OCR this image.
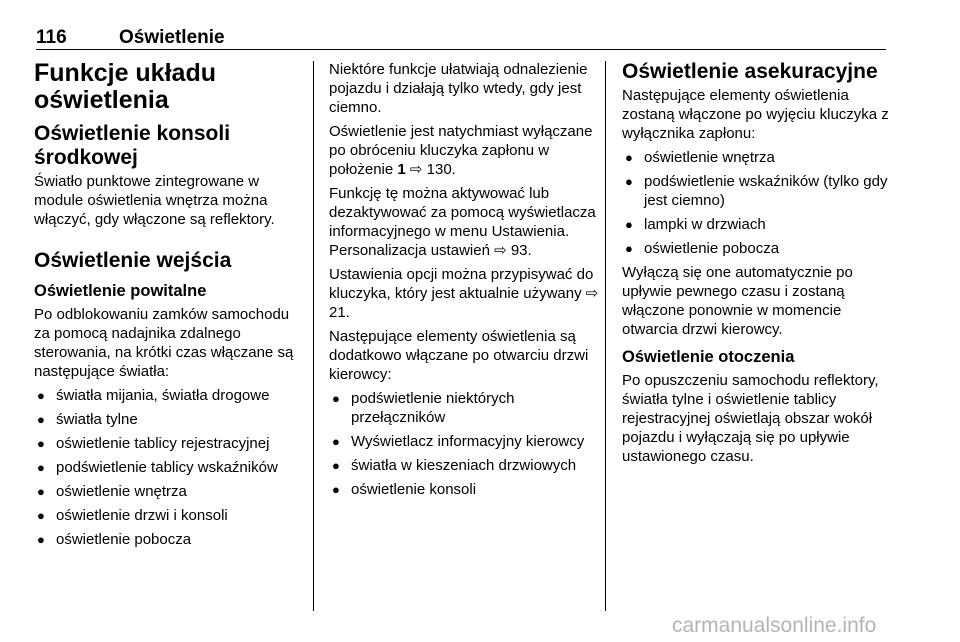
116	Oświetlenie
Funkcje układu oświetlenia
Oświetlenie konsoli środkowej

Światło punktowe zintegrowane w module oświetlenia wnętrza można włączyć, gdy włączone są reflektory.

Oświetlenie wejścia
Oświetlenie powitalne

Po odblokowaniu zamków samochodu za pomocą nadajnika zdalnego sterowania, na krótki czas włączane są następujące światła:

● światła mijania, światła drogowe
● światła tylne
● oświetlenie tablicy rejestracyjnej
● podświetlenie tablicy wskaźników
● oświetlenie wnętrza
● oświetlenie drzwi i konsoli
● oświetlenie pobocza

Niektóre funkcje ułatwiają odnalezienie pojazdu i działają tylko wtedy, gdy jest ciemno.

Oświetlenie jest natychmiast wyłączane po obróceniu kluczyka zapłonu w położenie 1 ⇨ 130.

Funkcję tę można aktywować lub dezaktywować za pomocą wyświetlacza informacyjnego w menu Ustawienia. Personalizacja ustawień ⇨ 93.

Ustawienia opcji można przypisywać do kluczyka, który jest aktualnie używany ⇨ 21.

Następujące elementy oświetlenia są dodatkowo włączane po otwarciu drzwi kierowcy:

● podświetlenie niektórych przełączników
● Wyświetlacz informacyjny kierowcy
● światła w kieszeniach drzwiowych
● oświetlenie konsoli
Oświetlenie asekuracyjne

Następujące elementy oświetlenia zostaną włączone po wyjęciu kluczyka z wyłącznika zapłonu:

● oświetlenie wnętrza
● podświetlenie wskaźników (tylko gdy jest ciemno)
● lampki w drzwiach
● oświetlenie pobocza

Wyłączą się one automatycznie po upływie pewnego czasu i zostaną włączone ponownie w momencie otwarcia drzwi kierowcy.

Oświetlenie otoczenia

Po opuszczeniu samochodu reflektory, światła tylne i oświetlenie tablicy rejestracyjnej oświetlają obszar wokół pojazdu i wyłączają się po upływie ustawionego czasu.

carmanualsonline.info
